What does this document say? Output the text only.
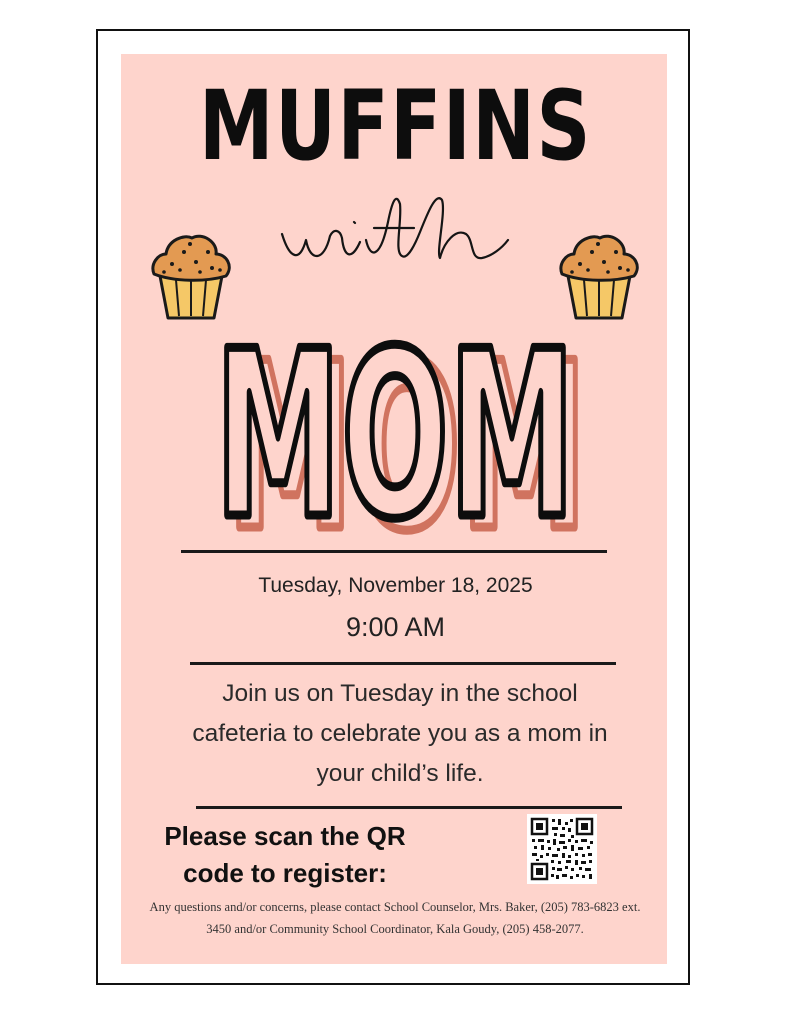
MUFFINS
with
MOM
MOM
Tuesday, November 18, 2025
9:00 AM
Join us on Tuesday in the school cafeteria to celebrate you as a mom in your child’s life.
Please scan the QR
code to register:
Any questions and/or concerns, please contact School Counselor, Mrs. Baker, (205) 783-6823 ext. 3450 and/or Community School Coordinator, Kala Goudy, (205) 458-2077.
